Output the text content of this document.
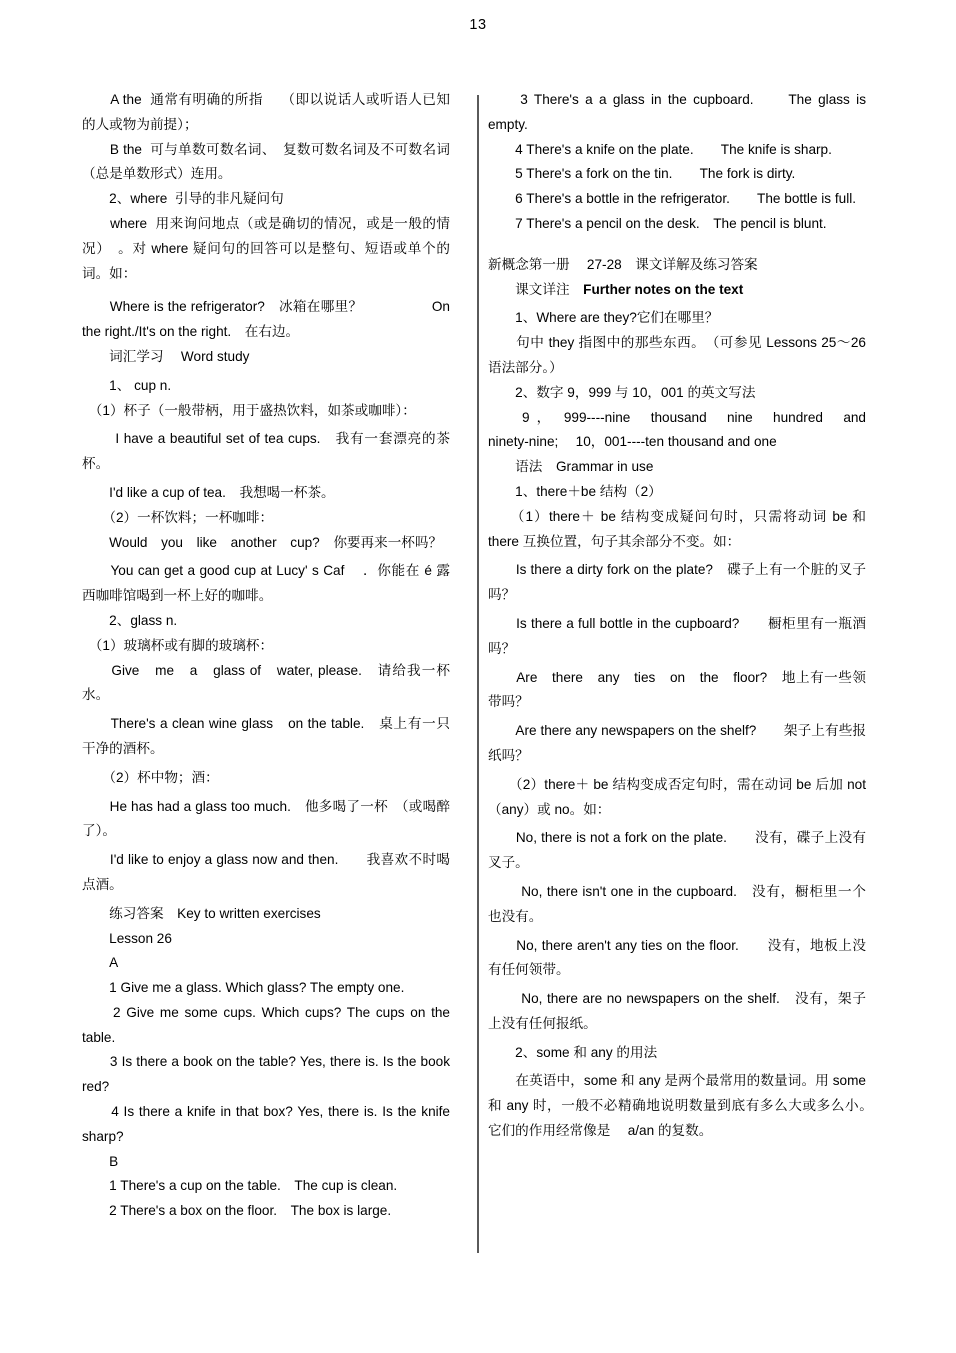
13

　　A the  通常有明确的所指　 （即以说话人或听语人已知的人或物为前提）；

　　B the  可与单数可数名词、　复数可数名词及不可数名词（总是单数形式）连用。

　　2、where  引导的非凡疑问句

　　where  用来询问地点（或是确切的情况，或是一般的情况）　。对 where 疑问句的回答可以是整句、短语或单个的词。如：

　　Where is the refrigerator?　冰箱在哪里？　　　　　On the right./It's on the right.　在右边。

　　词汇学习　 Word study

　　1、 cup n.

　（1）杯子（一般带柄，用于盛热饮料，如茶或咖啡）：

　　 I have a beautiful set of tea cups.　我有一套漂亮的茶杯。

　　I'd like a cup of tea.　我想喝一杯茶。

　　（2）一杯饮料；一杯咖啡：

　　Would　you　like　another　cup?　你要再来一杯吗？

　　You can get a good cup at Lucy' s Caf 　．你能在 é 露西咖啡馆喝到一杯上好的咖啡。

　　2、glass n.

　（1）玻璃杯或有脚的玻璃杯：

　　Give　me　a　glass of　water, please.　请给我一杯水。

　　There's a clean wine glass　on the table.　桌上有一只干净的酒杯。

　　（2）杯中物；酒：

　　He has had a glass too much.　他多喝了一杯　（或喝醉了）。

　　I'd like to enjoy a glass now and then.　　我喜欢不时喝点酒。

　　练习答案　Key to written exercises

　　Lesson 26

　　A

　　1 Give me a glass. Which glass? The empty one.

　　2 Give me some cups. Which cups? The cups on the table.

　　3 Is there a book on the table? Yes, there is. Is the book red?

　　4 Is there a knife in that box? Yes, there is. Is the knife sharp?

　　B

　　1 There's a cup on the table.　The cup is clean.

　　2 There's a box on the floor.　The box is large.

　　3 There's a a glass in the cupboard.　　The glass is empty.

　　4 There's a knife on the plate.　　The knife is sharp.

　　5 There's a fork on the tin.　　The fork is dirty.

　　6 There's a bottle in the refrigerator.　　The bottle is full.

　　7 There's a pencil on the desk.　The pencil is blunt.

新概念第一册　 27-28　课文详解及练习答案

　　课文详注　Further notes on the text

　　1、Where are they?它们在哪里？

　　句中 they 指图中的那些东西。　（可参见 Lessons 25～26 语法部分。）

　　2、数字 9，999 与 10，001 的英文写法

　　9 ，　999----nine　thousand　nine　hundred　and ninety-nine;　 10，001----ten thousand and one

　　语法　Grammar in use

　　1、there＋be 结构（2）

　　（1）there＋ be 结构变成疑问句时，只需将动词 be 和 there 互换位置，句子其余部分不变。如：

　　Is there a dirty fork on the plate?　碟子上有一个脏的叉子吗？

　　Is there a full bottle in the cupboard?　　橱柜里有一瓶酒吗？

　　Are　there　any　ties　on　the　floor?　地上有一些领带吗？

　　Are there any newspapers on the shelf?　　架子上有些报纸吗？

　　（2）there＋ be 结构变成否定句时，需在动词 be 后加 not（any）或 no。如：

　　No, there is not a fork on the plate.　　没有，碟子上没有叉子。

　　 No, there isn't one in the cupboard.　没有，橱柜里一个也没有。

　　No, there aren't any ties on the floor.　　没有，地板上没有任何领带。

　　 No, there are no newspapers on the shelf.　没有，架子上没有任何报纸。

　　2、some 和 any 的用法

　　在英语中，some 和 any 是两个最常用的数量词。用 some 和 any 时，一般不必精确地说明数量到底有多么大或多么小。　它们的作用经常像是　 a/an 的复数。
